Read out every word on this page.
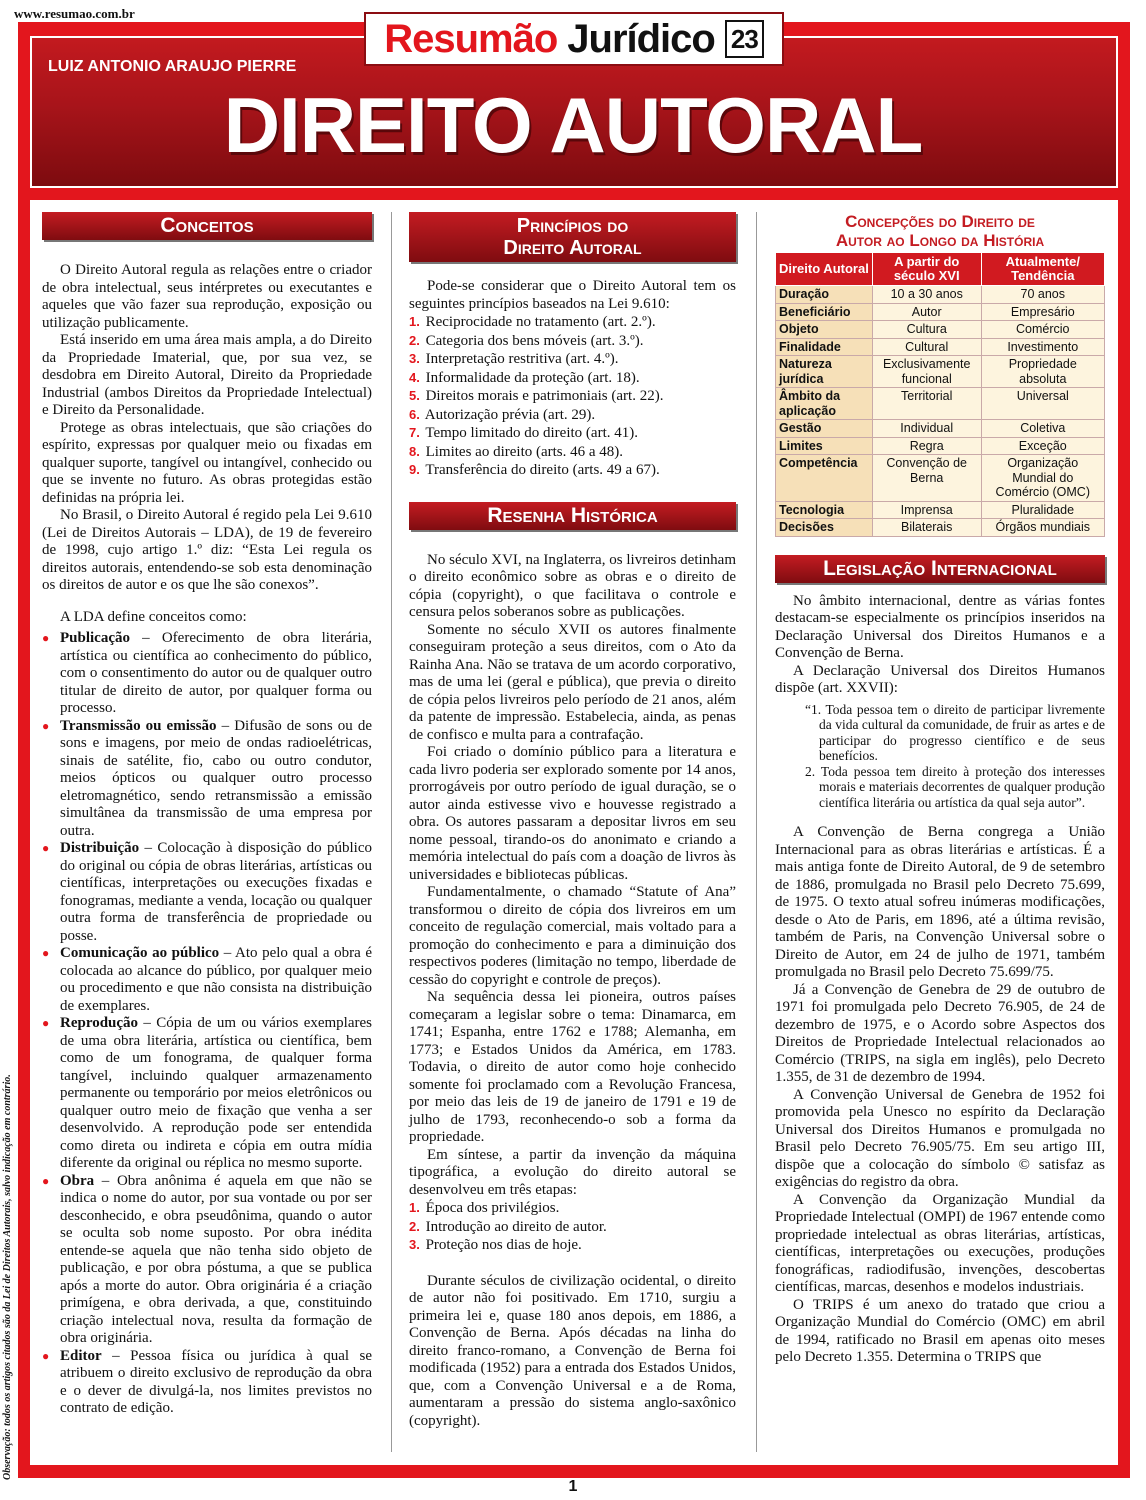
www.resumao.com.br
Resumão Jurídico 23
LUIZ ANTONIO ARAUJO PIERRE
DIREITO AUTORAL
Conceitos

O Direito Autoral regula as relações entre o criador de obra intelectual, seus intérpretes ou executantes e aqueles que vão fazer sua reprodução, exposição ou utilização publicamente.

Está inserido em uma área mais ampla, a do Direito da Propriedade Imaterial, que, por sua vez, se desdobra em Direito Autoral, Direito da Propriedade Industrial (ambos Direitos da Propriedade Intelectual) e Direito da Personalidade.

Protege as obras intelectuais, que são criações do espírito, expressas por qualquer meio ou fixadas em qualquer suporte, tangível ou intangível, conhecido ou que se invente no futuro. As obras protegidas estão definidas na própria lei.

No Brasil, o Direito Autoral é regido pela Lei 9.610 (Lei de Direitos Autorais – LDA), de 19 de fevereiro de 1998, cujo artigo 1.º diz: “Esta Lei regula os direitos autorais, entendendo-se sob esta denominação os direitos de autor e os que lhe são conexos”.

A LDA define conceitos como:

● Publicação – Oferecimento de obra literária, artística ou científica ao conhecimento do público, com o consentimento do autor ou de qualquer outro titular de direito de autor, por qualquer forma ou processo.
● Transmissão ou emissão – Difusão de sons ou de sons e imagens, por meio de ondas radioelétricas, sinais de satélite, fio, cabo ou outro condutor, meios ópticos ou qualquer outro processo eletromagnético, sendo retransmissão a emissão simultânea da transmissão de uma empresa por outra.
● Distribuição – Colocação à disposição do público do original ou cópia de obras literárias, artísticas ou científicas, interpretações ou execuções fixadas e fonogramas, mediante a venda, locação ou qualquer outra forma de transferência de propriedade ou posse.
● Comunicação ao público – Ato pelo qual a obra é colocada ao alcance do público, por qualquer meio ou procedimento e que não consista na distribuição de exemplares.
● Reprodução – Cópia de um ou vários exemplares de uma obra literária, artística ou científica, bem como de um fonograma, de qualquer forma tangível, incluindo qualquer armazenamento permanente ou temporário por meios eletrônicos ou qualquer outro meio de fixação que venha a ser desenvolvido. A reprodução pode ser entendida como direta ou indireta e cópia em outra mídia diferente da original ou réplica no mesmo suporte.
● Obra – Obra anônima é aquela em que não se indica o nome do autor, por sua vontade ou por ser desconhecido, e obra pseudônima, quando o autor se oculta sob nome suposto. Por obra inédita entende-se aquela que não tenha sido objeto de publicação, e por obra póstuma, a que se publica após a morte do autor. Obra originária é a criação primígena, e obra derivada, a que, constituindo criação intelectual nova, resulta da formação de obra originária.
● Editor – Pessoa física ou jurídica à qual se atribuem o direito exclusivo de reprodução da obra e o dever de divulgá-la, nos limites previstos no contrato de edição.
Princípios do
Direito Autoral

Pode-se considerar que o Direito Autoral tem os seguintes princípios baseados na Lei 9.610:

1. Reciprocidade no tratamento (art. 2.º).
2. Categoria dos bens móveis (art. 3.º).
3. Interpretação restritiva (art. 4.º).
4. Informalidade da proteção (art. 18).
5. Direitos morais e patrimoniais (art. 22).
6. Autorização prévia (art. 29).
7. Tempo limitado do direito (art. 41).
8. Limites ao direito (arts. 46 a 48).
9. Transferência do direito (arts. 49 a 67).
Resenha Histórica

No século XVI, na Inglaterra, os livreiros detinham o direito econômico sobre as obras e o direito de cópia (copyright), o que facilitava o controle e censura pelos soberanos sobre as publicações.

Somente no século XVII os autores finalmente conseguiram proteção a seus direitos, com o Ato da Rainha Ana. Não se tratava de um acordo corporativo, mas de uma lei (geral e pública), que previa o direito de cópia pelos livreiros pelo período de 21 anos, além da patente de impressão. Estabelecia, ainda, as penas de confisco e multa para a contrafação.

Foi criado o domínio público para a literatura e cada livro poderia ser explorado somente por 14 anos, prorrogáveis por outro período de igual duração, se o autor ainda estivesse vivo e houvesse registrado a obra. Os autores passaram a depositar livros em seu nome pessoal, tirando-os do anonimato e criando a memória intelectual do país com a doação de livros às universidades e bibliotecas públicas.

Fundamentalmente, o chamado “Statute of Ana” transformou o direito de cópia dos livreiros em um conceito de regulação comercial, mais voltado para a promoção do conhecimento e para a diminuição dos respectivos poderes (limitação no tempo, liberdade de cessão do copyright e controle de preços).

Na sequência dessa lei pioneira, outros países começaram a legislar sobre o tema: Dinamarca, em 1741; Espanha, entre 1762 e 1788; Alemanha, em 1773; e Estados Unidos da América, em 1783. Todavia, o direito de autor como hoje conhecido somente foi proclamado com a Revolução Francesa, por meio das leis de 19 de janeiro de 1791 e 19 de julho de 1793, reconhecendo-o sob a forma da propriedade.

Em síntese, a partir da invenção da máquina tipográfica, a evolução do direito autoral se desenvolveu em três etapas:

1. Época dos privilégios.
2. Introdução ao direito de autor.
3. Proteção nos dias de hoje.

Durante séculos de civilização ocidental, o direito de autor não foi positivado. Em 1710, surgiu a primeira lei e, quase 180 anos depois, em 1886, a Convenção de Berna. Após décadas na linha do direito franco-romano, a Convenção de Berna foi modificada (1952) para a entrada dos Estados Unidos, que, com a Convenção Universal e a de Roma, aumentaram a pressão do sistema anglo-saxônico (copyright).

Concepções do Direito de
Autor ao Longo da História
Direito Autoral	A partir do século XVI	Atualmente/ Tendência
Duração	10 a 30 anos	70 anos
Beneficiário	Autor	Empresário
Objeto	Cultura	Comércio
Finalidade	Cultural	Investimento
Natureza jurídica	Exclusivamente funcional	Propriedade absoluta
Âmbito da aplicação	Territorial	Universal
Gestão	Individual	Coletiva
Limites	Regra	Exceção
Competência	Convenção de Berna	Organização Mundial do Comércio (OMC)
Tecnologia	Imprensa	Pluralidade
Decisões	Bilaterais	Órgãos mundiais
Legislação Internacional

No âmbito internacional, dentre as várias fontes destacam-se especialmente os princípios inseridos na Declaração Universal dos Direitos Humanos e a Convenção de Berna.

A Declaração Universal dos Direitos Humanos dispõe (art. XXVII):

“1. Toda pessoa tem o direito de participar livremente da vida cultural da comunidade, de fruir as artes e de participar do progresso científico e de seus benefícios.
2. Toda pessoa tem direito à proteção dos interesses morais e materiais decorrentes de qualquer produção científica literária ou artística da qual seja autor”.

A Convenção de Berna congrega a União Internacional para as obras literárias e artísticas. É a mais antiga fonte de Direito Autoral, de 9 de setembro de 1886, promulgada no Brasil pelo Decreto 75.699, de 1975. O texto atual sofreu inúmeras modificações, desde o Ato de Paris, em 1896, até a última revisão, também de Paris, na Convenção Universal sobre o Direito de Autor, em 24 de julho de 1971, também promulgada no Brasil pelo Decreto 75.699/75.

Já a Convenção de Genebra de 29 de outubro de 1971 foi promulgada pelo Decreto 76.905, de 24 de dezembro de 1975, e o Acordo sobre Aspectos dos Direitos de Propriedade Intelectual relacionados ao Comércio (TRIPS, na sigla em inglês), pelo Decreto 1.355, de 31 de dezembro de 1994.

A Convenção Universal de Genebra de 1952 foi promovida pela Unesco no espírito da Declaração Universal dos Direitos Humanos e promulgada no Brasil pelo Decreto 76.905/75. Em seu artigo III, dispõe que a colocação do símbolo © satisfaz as exigências do registro da obra.

A Convenção da Organização Mundial da Propriedade Intelectual (OMPI) de 1967 entende como propriedade intelectual as obras literárias, artísticas, científicas, interpretações ou execuções, produções fonográficas, radiodifusão, invenções, descobertas científicas, marcas, desenhos e modelos industriais.

O TRIPS é um anexo do tratado que criou a Organização Mundial do Comércio (OMC) em abril de 1994, ratificado no Brasil em apenas oito meses pelo Decreto 1.355. Determina o TRIPS que

Observação: todos os artigos citados são da Lei de Direitos Autorais, salvo indicação em contrário.
1
